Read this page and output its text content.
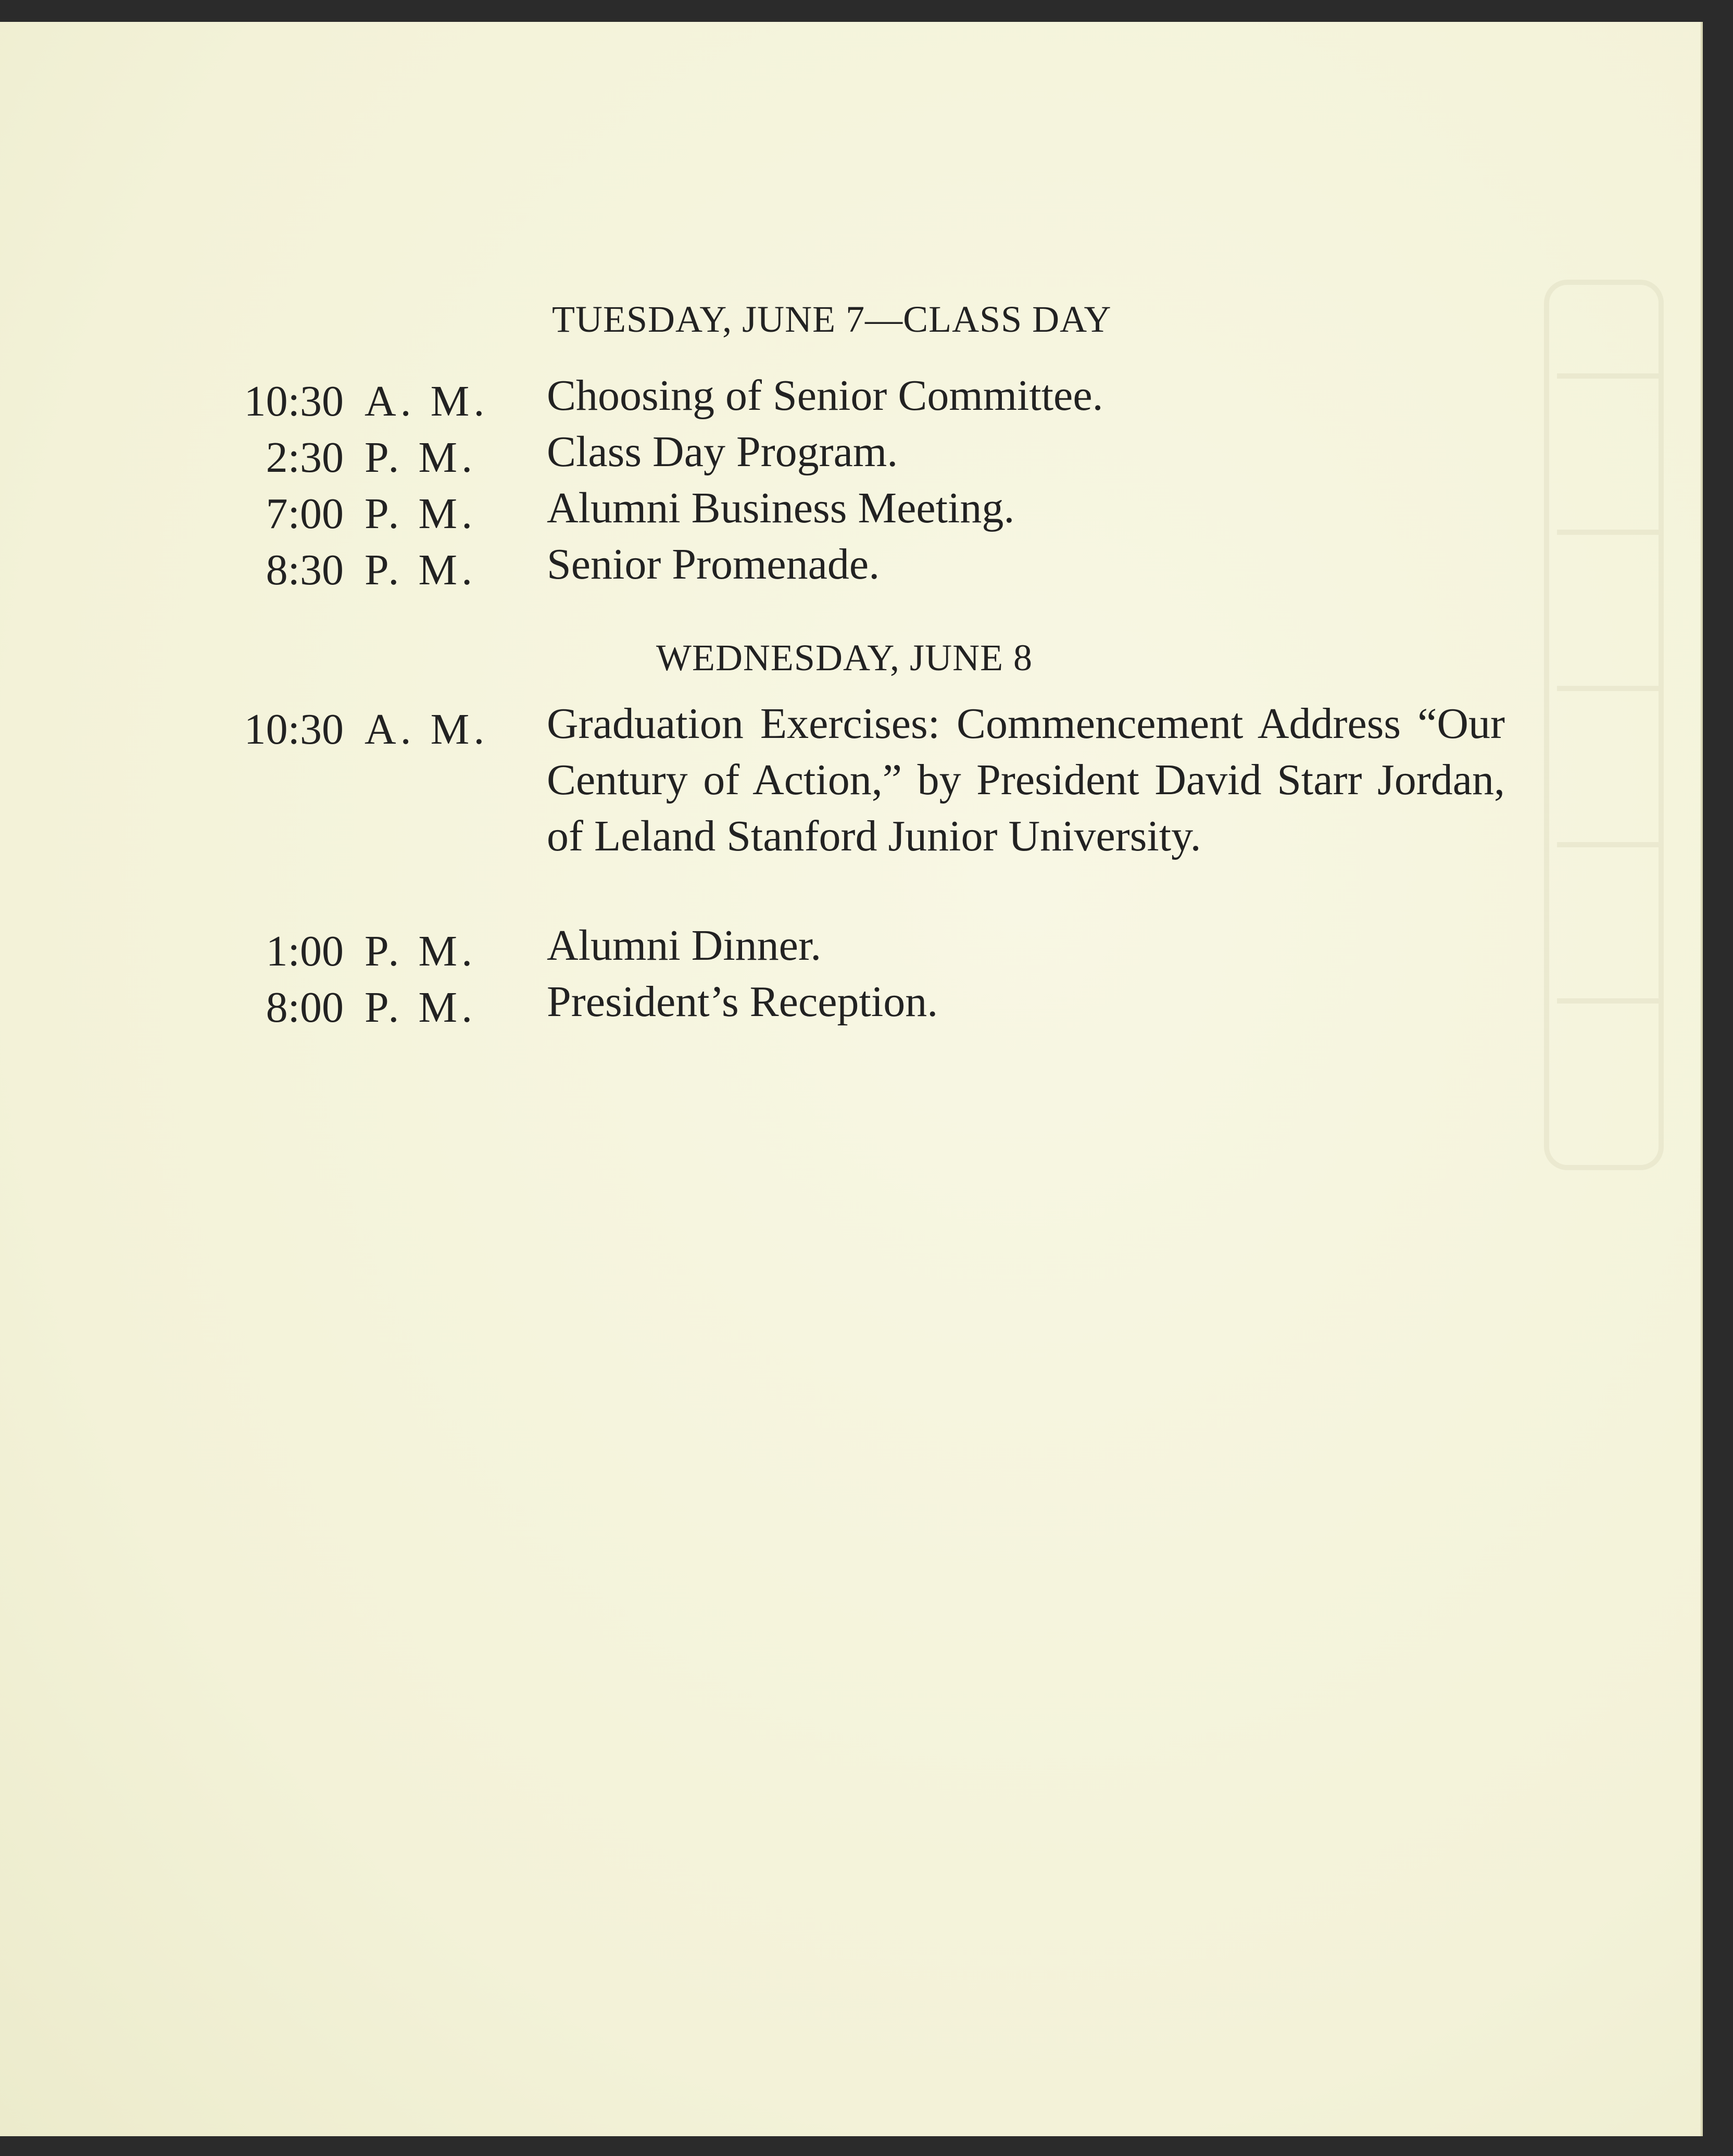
TUESDAY, JUNE 7—CLASS DAY
10:30 A. M. Choosing of Senior Committee.
2:30 P. M. Class Day Program.
7:00 P. M. Alumni Business Meeting.
8:30 P. M. Senior Promenade.
WEDNESDAY, JUNE 8
10:30 A. M. Graduation Exercises: Commencement Address “Our Century of Action,” by President David Starr Jordan, of Leland Stanford Junior University.
1:00 P. M. Alumni Dinner.
8:00 P. M. President’s Reception.
